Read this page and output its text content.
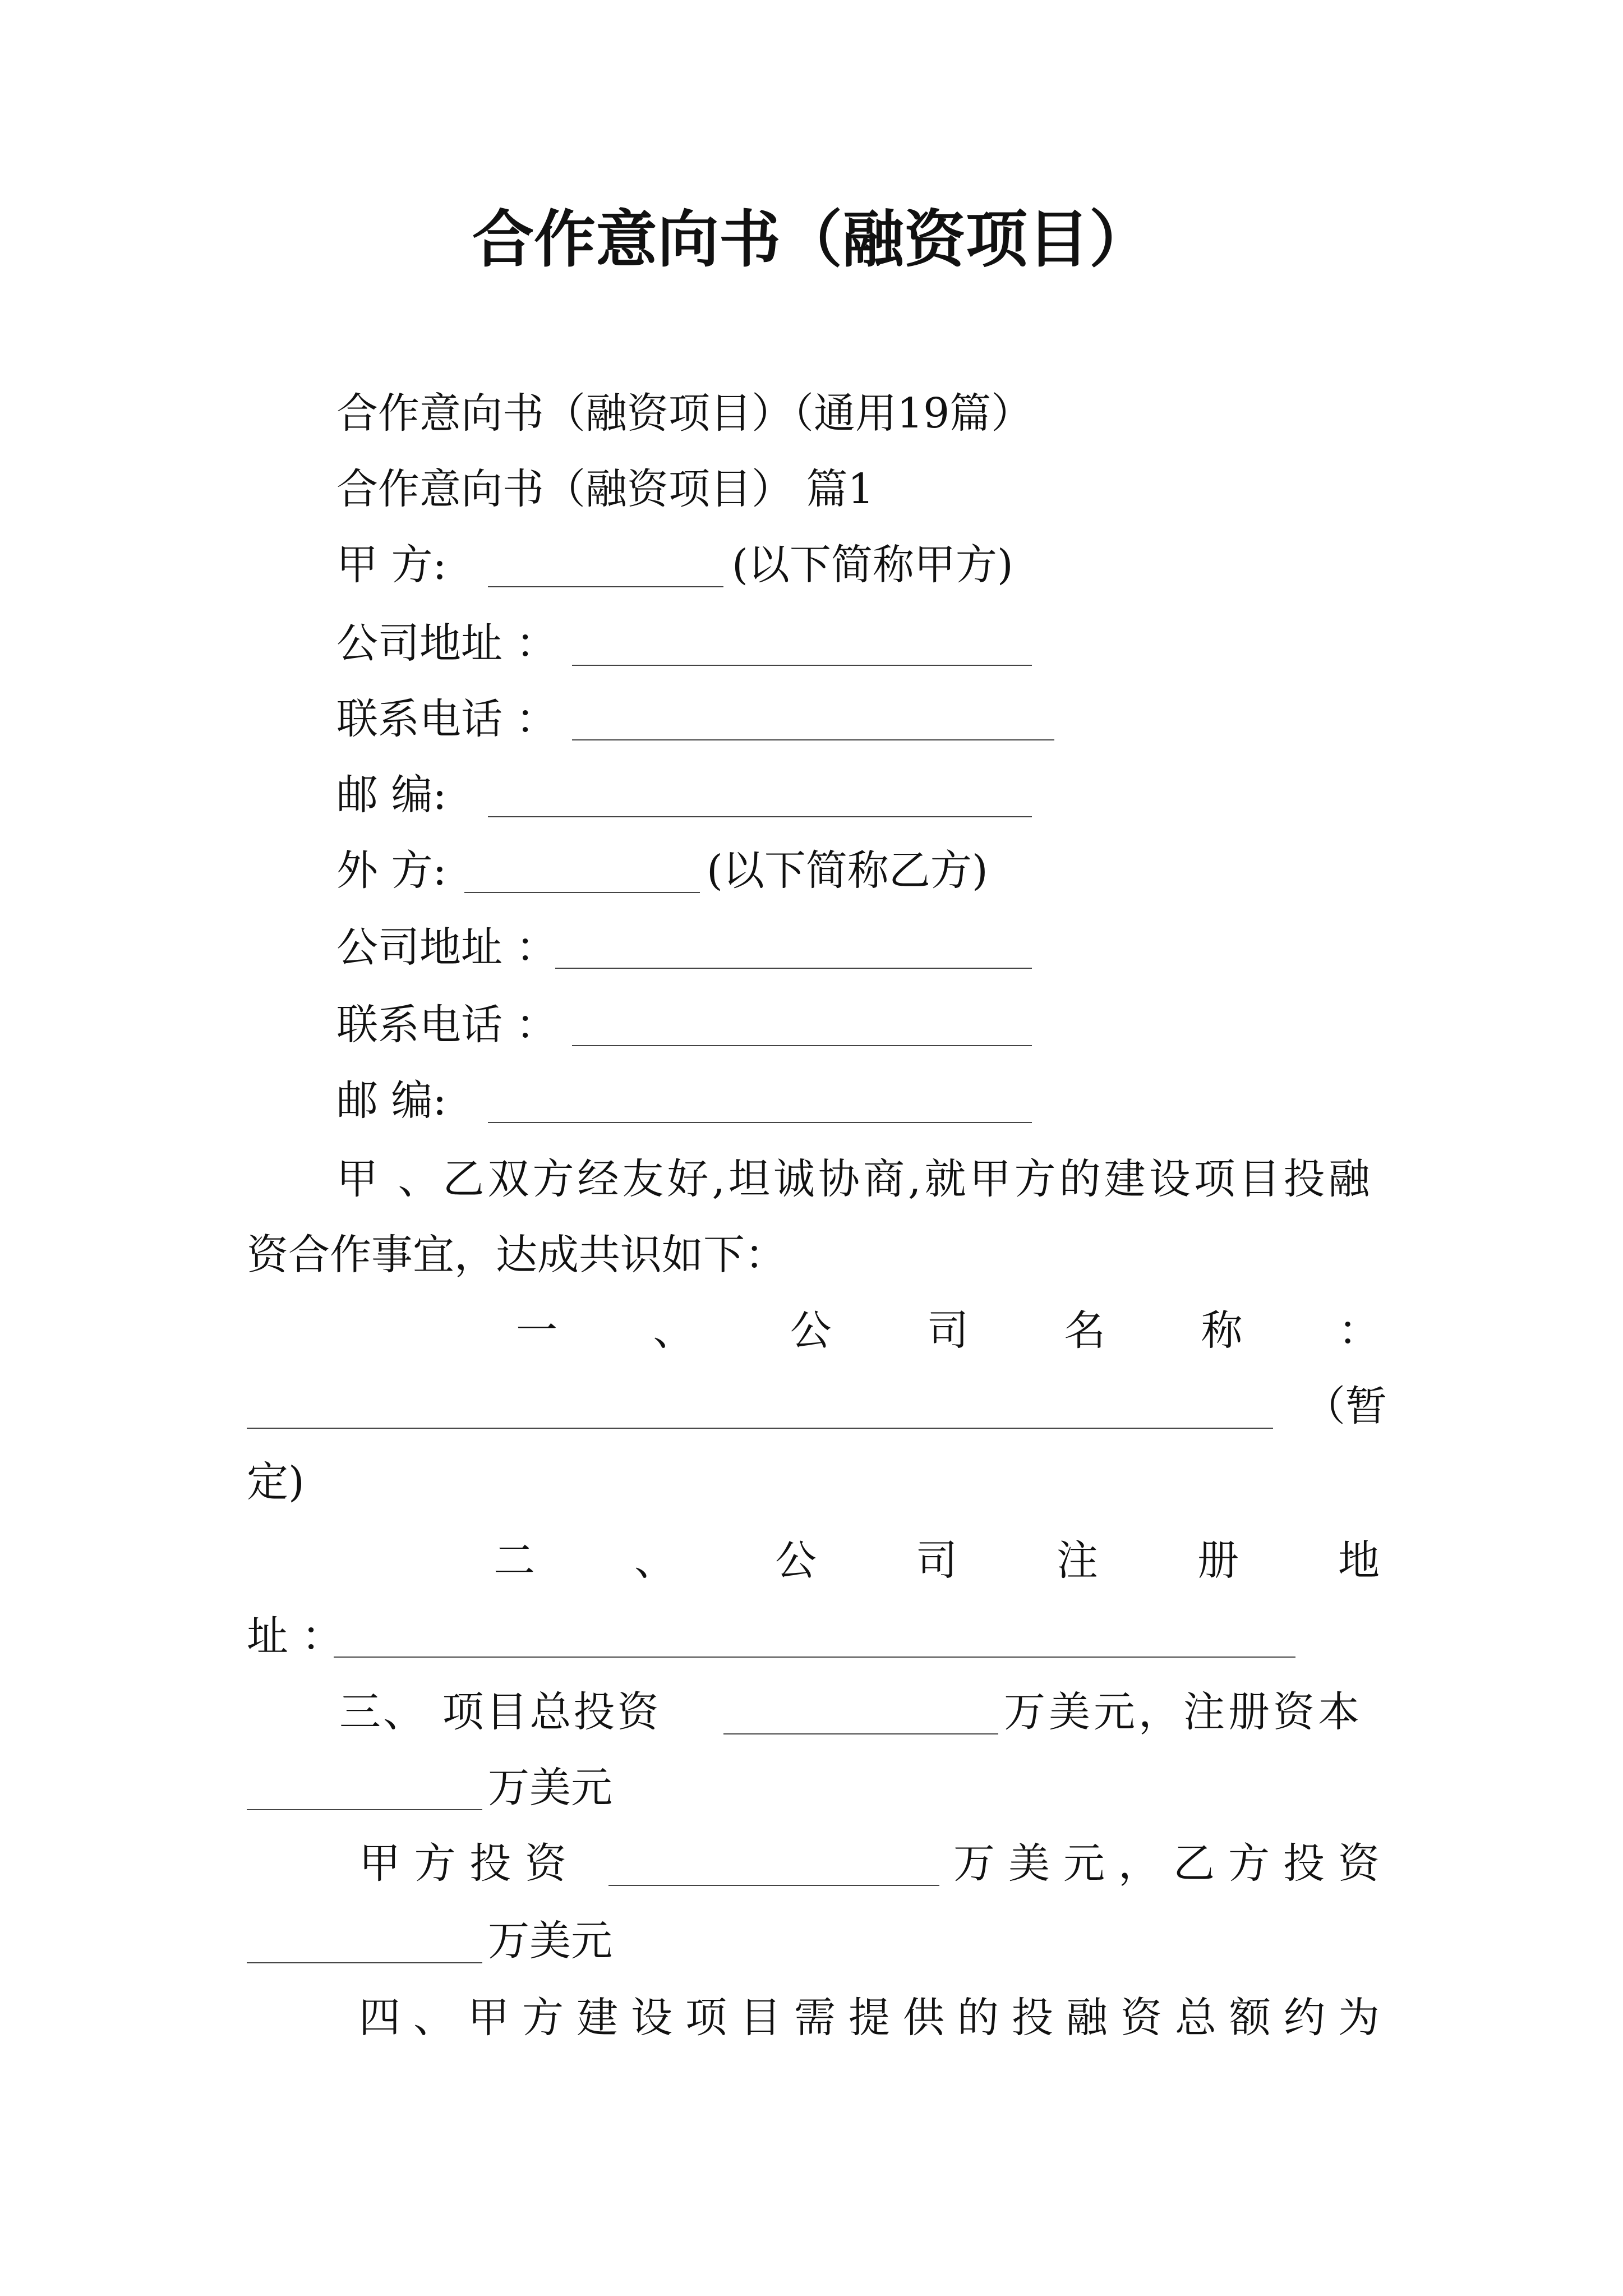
合作意向书（融资项目）
合作意向书（融资项目）（通用19篇）
合作意向书（融资项目） 篇1
甲 方:	(以下简称甲方)
公司地址 ：
联系电话 ：
邮 编:
外 方:	(以下简称乙方)
公司地址 ：
联系电话 ：
邮 编:
甲 、乙双方经友好,坦诚协商,就甲方的建设项目投融
资合作事宜，达成共识如下：
一 、 公 司 名 称 ：
（暂
定)
二 、 公 司 注 册 地
址 ：
三、 项目总投资	万美元，注册资本
万美元
甲 方 投 资	万 美 元 ， 乙 方 投 资
万美元
四 、 甲 方 建 设 项 目 需 提 供 的 投 融 资 总 额 约 为
